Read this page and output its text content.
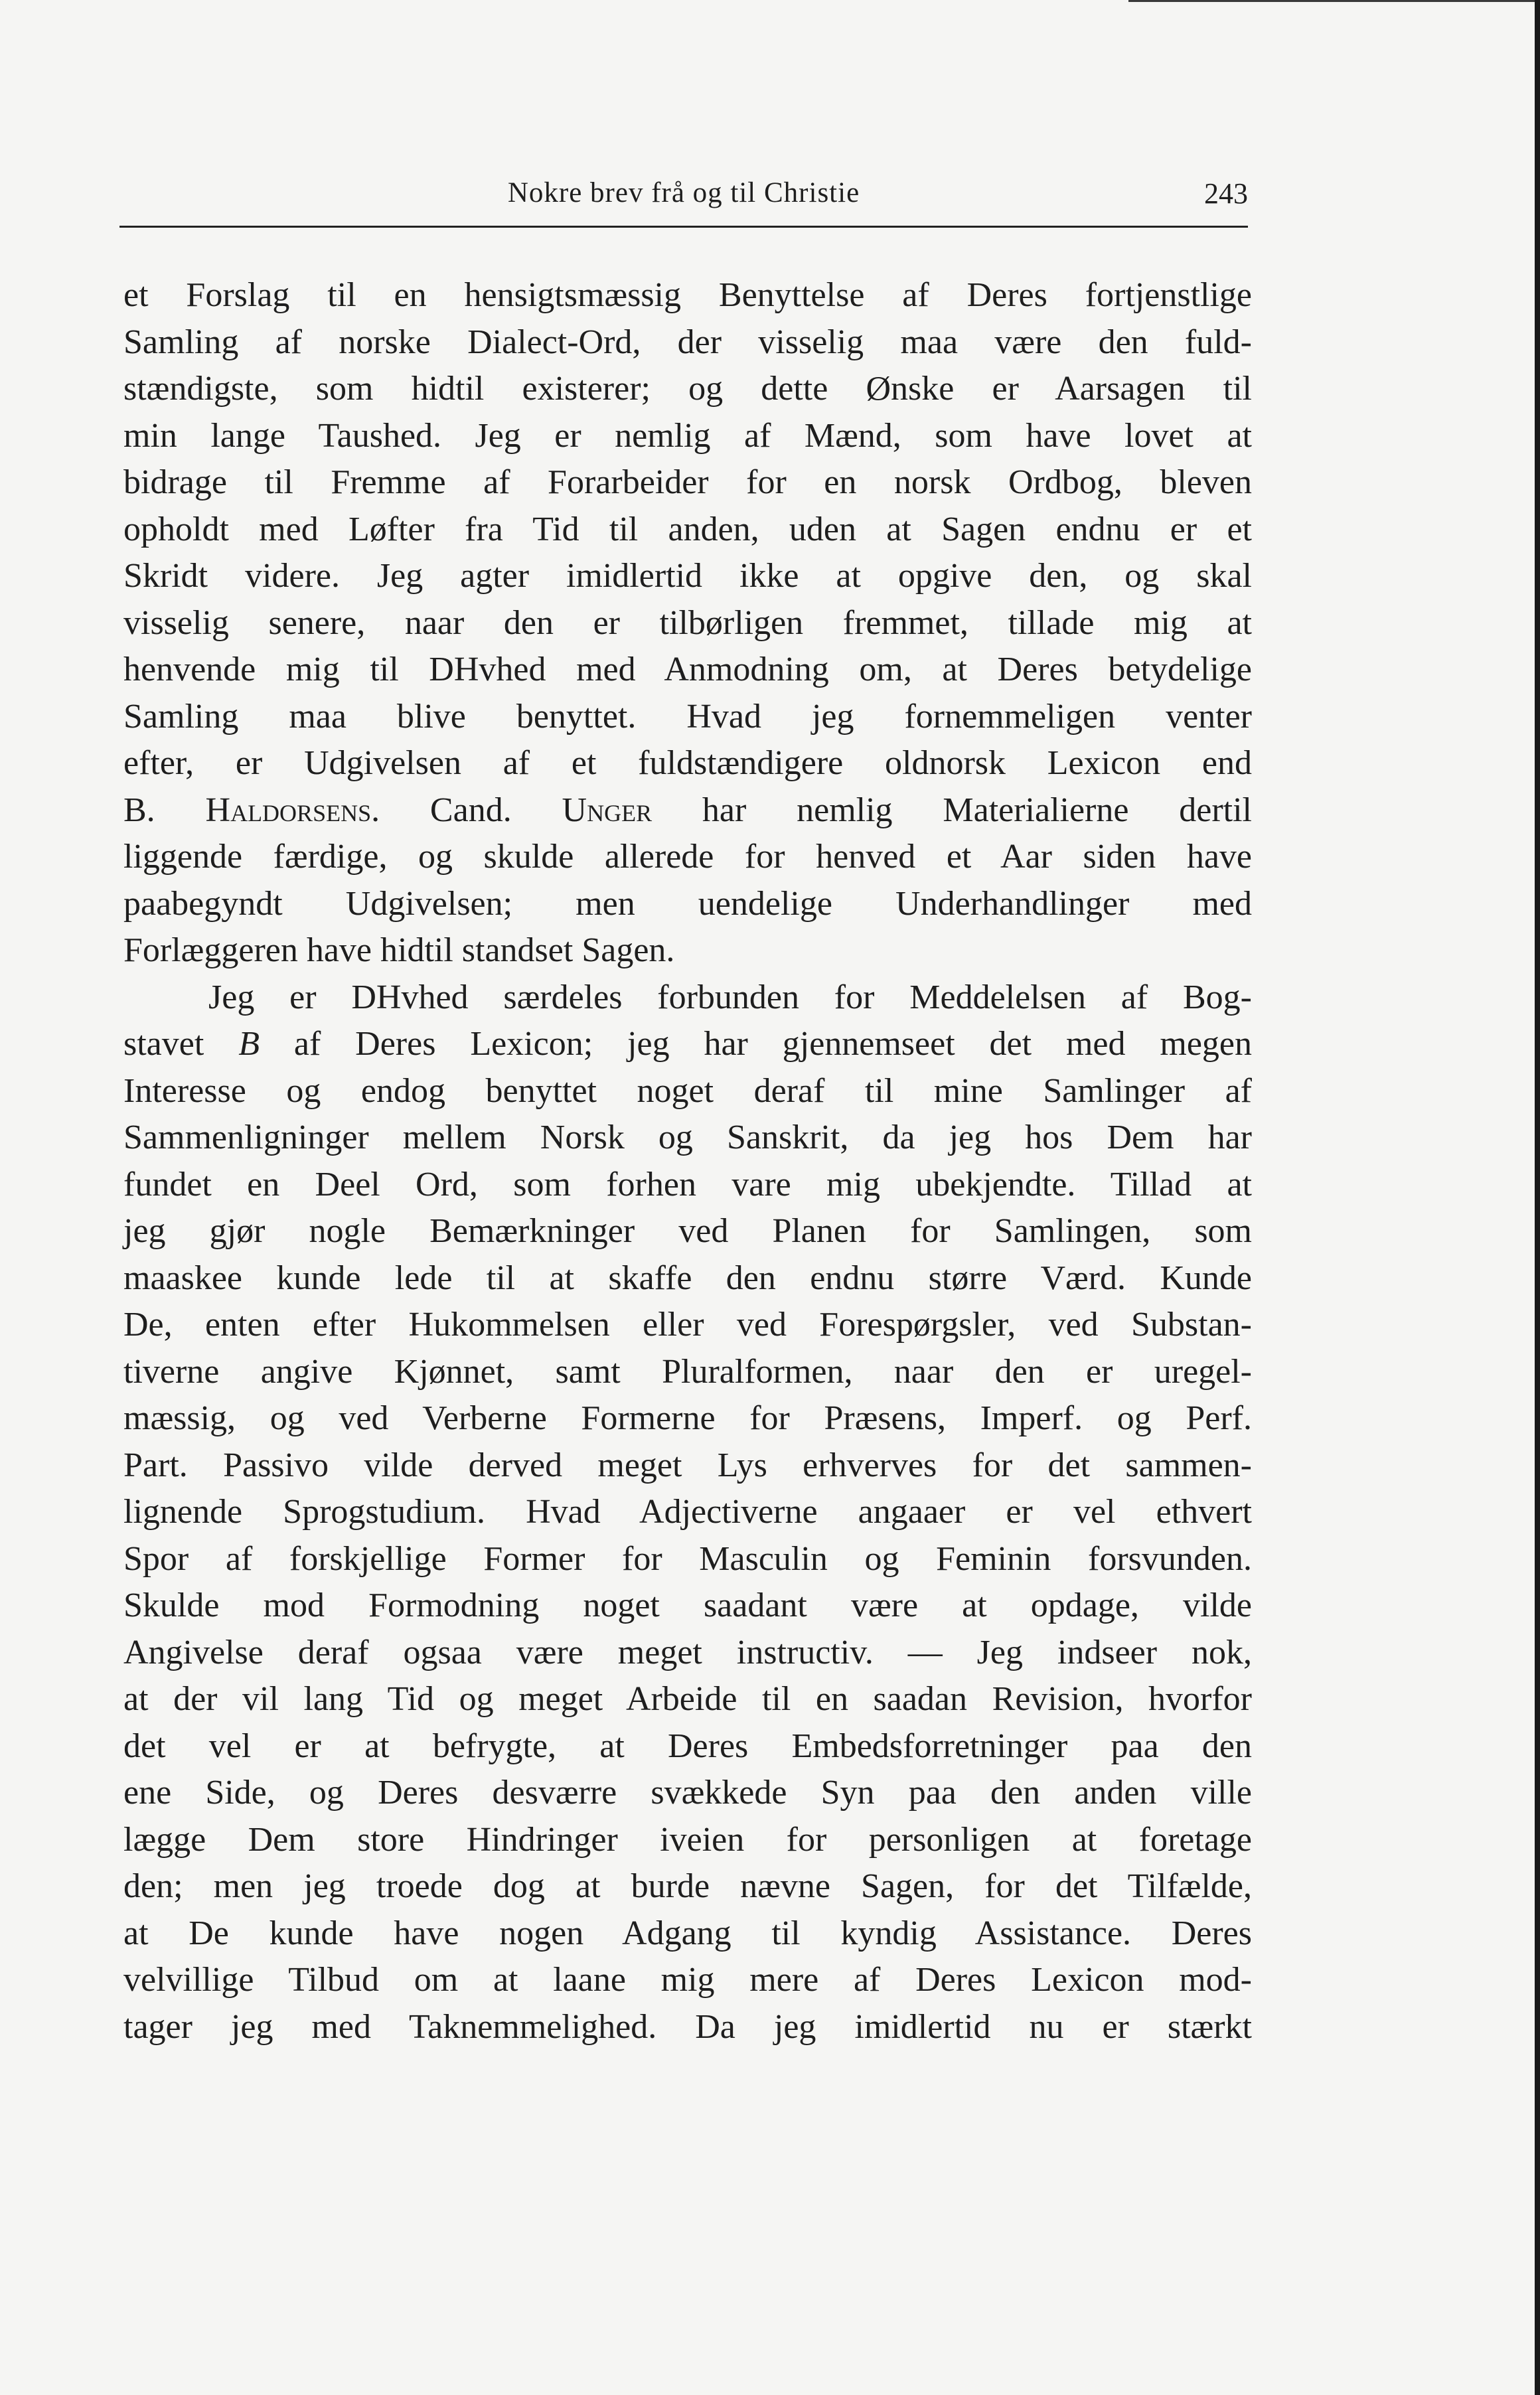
Nokre brev frå og til Christie	243
et Forslag til en hensigtsmæssig Benyttelse af Deres fortjenstlige
Samling af norske Dialect-Ord, der visselig maa være den fuld-
stændigste, som hidtil existerer; og dette Ønske er Aarsagen til
min lange Taushed. Jeg er nemlig af Mænd, som have lovet at
bidrage til Fremme af Forarbeider for en norsk Ordbog, bleven
opholdt med Løfter fra Tid til anden, uden at Sagen endnu er et
Skridt videre. Jeg agter imidlertid ikke at opgive den, og skal
visselig senere, naar den er tilbørligen fremmet, tillade mig at
henvende mig til DHvhed med Anmodning om, at Deres betydelige
Samling maa blive benyttet. Hvad jeg fornemmeligen venter
efter, er Udgivelsen af et fuldstændigere oldnorsk Lexicon end
B. Haldorsens. Cand. Unger har nemlig Materialierne dertil
liggende færdige, og skulde allerede for henved et Aar siden have
paabegyndt Udgivelsen; men uendelige Underhandlinger med
Forlæggeren have hidtil standset Sagen.
Jeg er DHvhed særdeles forbunden for Meddelelsen af Bog-
stavet B af Deres Lexicon; jeg har gjennemseet det med megen
Interesse og endog benyttet noget deraf til mine Samlinger af
Sammenligninger mellem Norsk og Sanskrit, da jeg hos Dem har
fundet en Deel Ord, som forhen vare mig ubekjendte. Tillad at
jeg gjør nogle Bemærkninger ved Planen for Samlingen, som
maaskee kunde lede til at skaffe den endnu større Værd. Kunde
De, enten efter Hukommelsen eller ved Forespørgsler, ved Substan-
tiverne angive Kjønnet, samt Pluralformen, naar den er uregel-
mæssig, og ved Verberne Formerne for Præsens, Imperf. og Perf.
Part. Passivo vilde derved meget Lys erhverves for det sammen-
lignende Sprogstudium. Hvad Adjectiverne angaaer er vel ethvert
Spor af forskjellige Former for Masculin og Feminin forsvunden.
Skulde mod Formodning noget saadant være at opdage, vilde
Angivelse deraf ogsaa være meget instructiv. — Jeg indseer nok,
at der vil lang Tid og meget Arbeide til en saadan Revision, hvorfor
det vel er at befrygte, at Deres Embedsforretninger paa den
ene Side, og Deres desværre svækkede Syn paa den anden ville
lægge Dem store Hindringer iveien for personligen at foretage
den; men jeg troede dog at burde nævne Sagen, for det Tilfælde,
at De kunde have nogen Adgang til kyndig Assistance. Deres
velvillige Tilbud om at laane mig mere af Deres Lexicon mod-
tager jeg med Taknemmelighed. Da jeg imidlertid nu er stærkt
